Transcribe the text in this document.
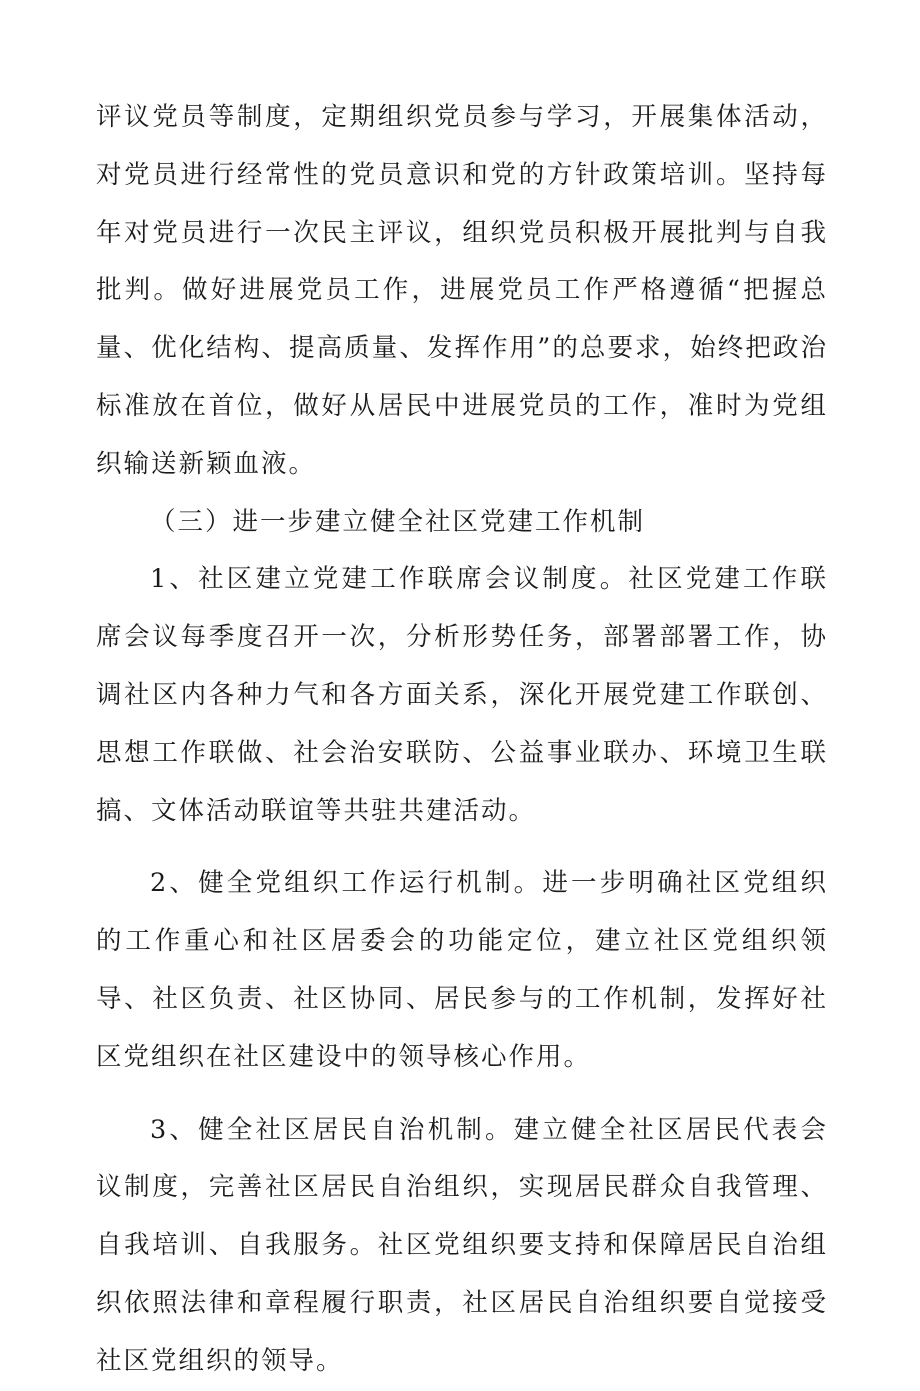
评议党员等制度，定期组织党员参与学习，开展集体活动，对党员进行经常性的党员意识和党的方针政策培训。坚持每年对党员进行一次民主评议，组织党员积极开展批判与自我批判。做好进展党员工作，进展党员工作严格遵循“把握总量、优化结构、提高质量、发挥作用”的总要求，始终把政治标准放在首位，做好从居民中进展党员的工作，准时为党组织输送新颖血液。

（三）进一步建立健全社区党建工作机制

1、社区建立党建工作联席会议制度。社区党建工作联席会议每季度召开一次，分析形势任务，部署部署工作，协调社区内各种力气和各方面关系，深化开展党建工作联创、思想工作联做、社会治安联防、公益事业联办、环境卫生联搞、文体活动联谊等共驻共建活动。

2、健全党组织工作运行机制。进一步明确社区党组织的工作重心和社区居委会的功能定位，建立社区党组织领导、社区负责、社区协同、居民参与的工作机制，发挥好社区党组织在社区建设中的领导核心作用。

3、健全社区居民自治机制。建立健全社区居民代表会议制度，完善社区居民自治组织，实现居民群众自我管理、自我培训、自我服务。社区党组织要支持和保障居民自治组织依照法律和章程履行职责，社区居民自治组织要自觉接受社区党组织的领导。
